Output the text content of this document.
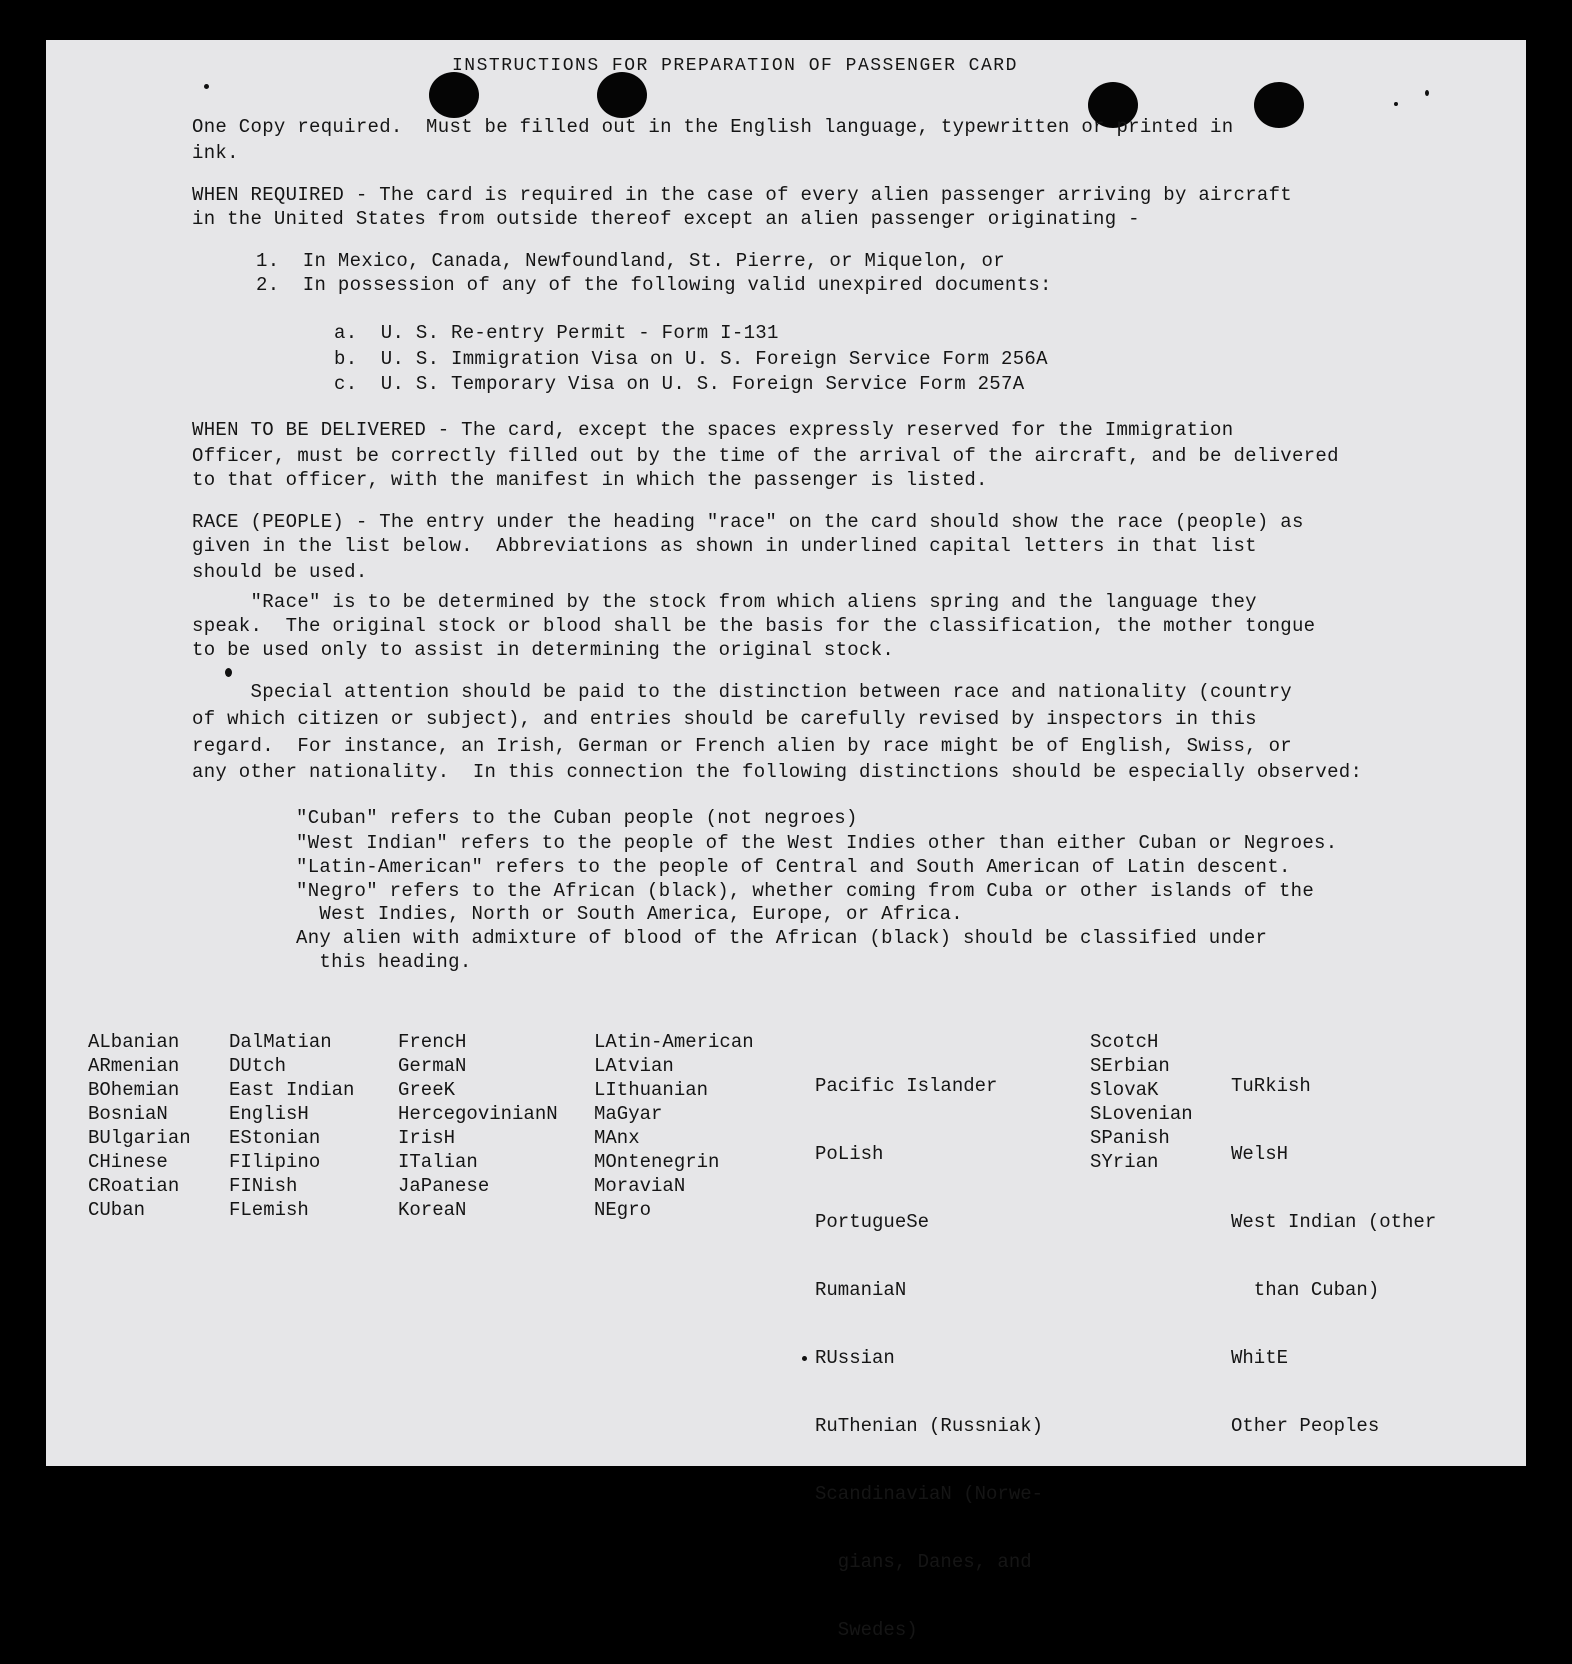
INSTRUCTIONS FOR PREPARATION OF PASSENGER CARD
One Copy required.  Must be filled out in the English language, typewritten or printed in
ink.
WHEN REQUIRED - The card is required in the case of every alien passenger arriving by aircraft
in the United States from outside thereof except an alien passenger originating -
1.  In Mexico, Canada, Newfoundland, St. Pierre, or Miquelon, or
2.  In possession of any of the following valid unexpired documents:
a.  U. S. Re-entry Permit - Form I-131
b.  U. S. Immigration Visa on U. S. Foreign Service Form 256A
c.  U. S. Temporary Visa on U. S. Foreign Service Form 257A
WHEN TO BE DELIVERED - The card, except the spaces expressly reserved for the Immigration
Officer, must be correctly filled out by the time of the arrival of the aircraft, and be delivered
to that officer, with the manifest in which the passenger is listed.
RACE (PEOPLE) - The entry under the heading "race" on the card should show the race (people) as
given in the list below.  Abbreviations as shown in underlined capital letters in that list
should be used.
"Race" is to be determined by the stock from which aliens spring and the language they
speak.  The original stock or blood shall be the basis for the classification, the mother tongue
to be used only to assist in determining the original stock.
Special attention should be paid to the distinction between race and nationality (country
of which citizen or subject), and entries should be carefully revised by inspectors in this
regard.  For instance, an Irish, German or French alien by race might be of English, Swiss, or
any other nationality.  In this connection the following distinctions should be especially observed:
"Cuban" refers to the Cuban people (not negroes)
"West Indian" refers to the people of the West Indies other than either Cuban or Negroes.
"Latin-American" refers to the people of Central and South American of Latin descent.
"Negro" refers to the African (black), whether coming from Cuba or other islands of the
West Indies, North or South America, Europe, or Africa.
Any alien with admixture of blood of the African (black) should be classified under
this heading.
ALbanian
ARmenian
BOhemian
BosniaN
BUlgarian
CHinese
CRoatian
CUban
DalMatian
DUtch
East Indian
EnglisH
EStonian
FIlipino
FINish
FLemish
FrencH
GermaN
GreeK
HercegovinianN
IrisH
ITalian
JaPanese
KoreaN
LAtin-American
LAtvian
LIthuanian
MaGyar
MAnx
MOntenegrin
MoraviaN
NEgro

Pacific Islander

PoLish

PortugueSe

RumaniaN

RUssian

RuThenian (Russniak)

ScandinaviaN (Norwe-

gians, Danes, and

Swedes)

ScotcH
SErbian
SlovaK
SLovenian
SPanish
SYrian

TuRkish

WelsH

West Indian (other

than Cuban)

WhitE

Other Peoples
